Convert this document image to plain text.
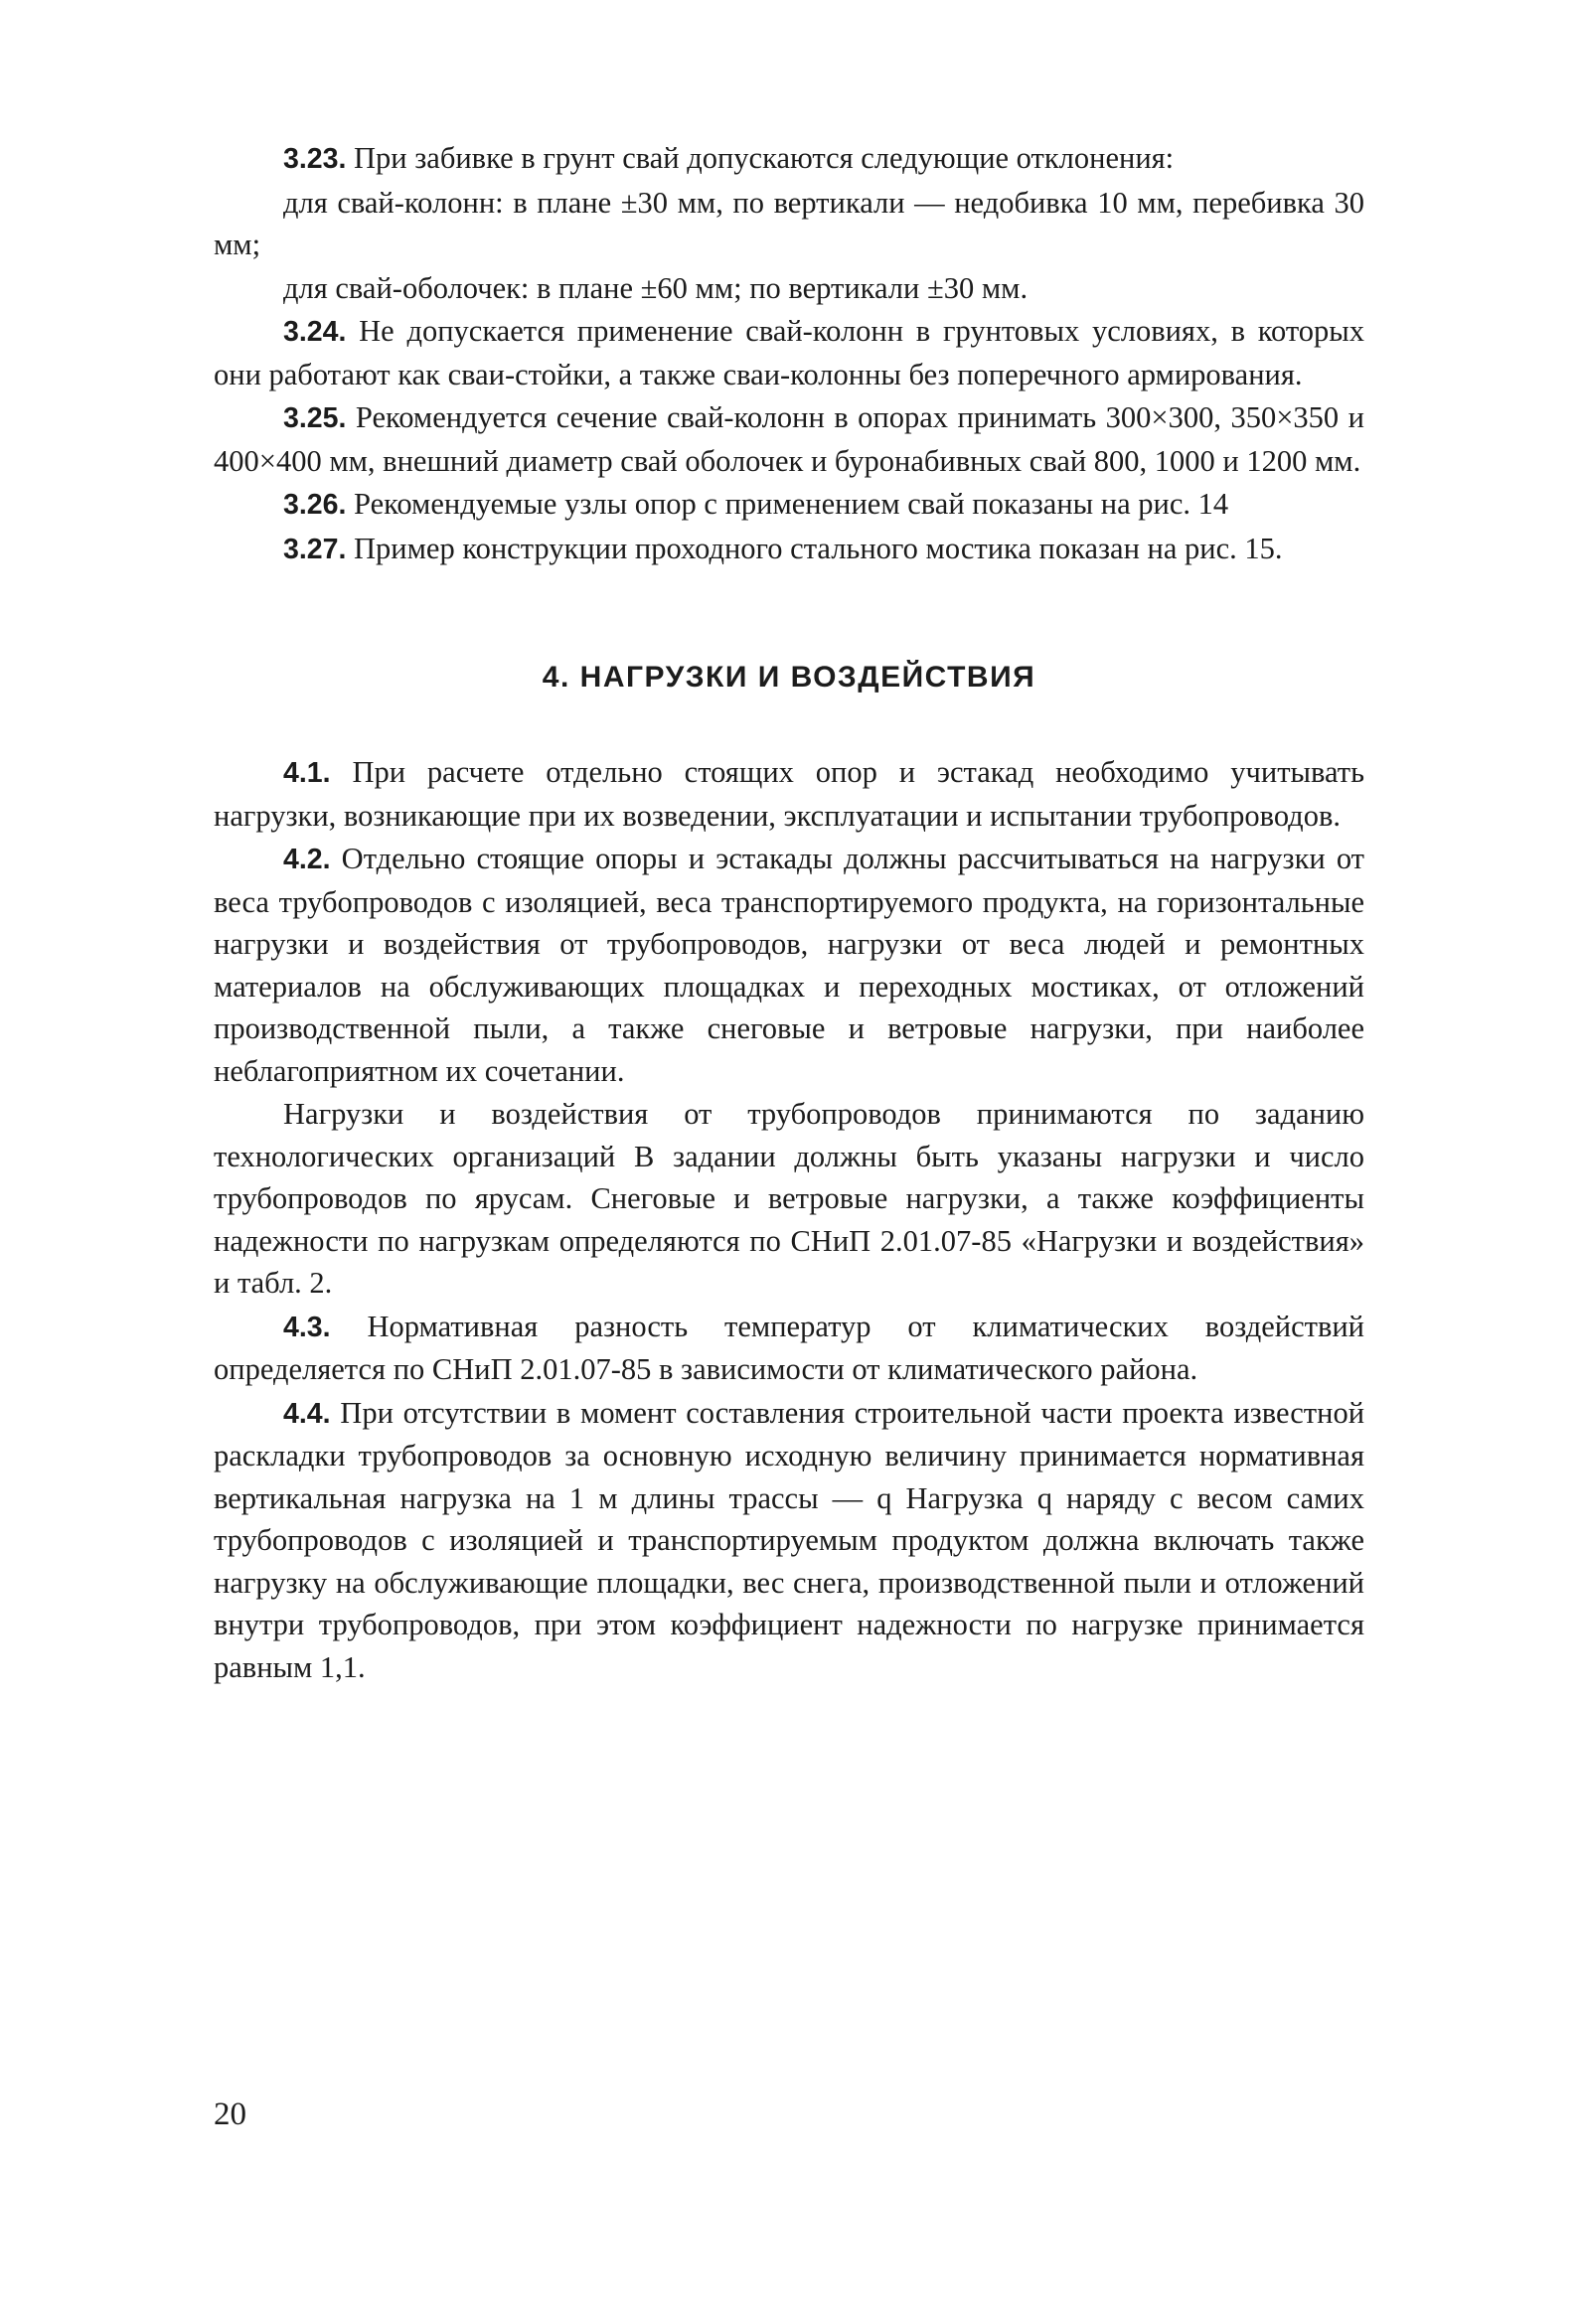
3.23. При забивке в грунт свай допускаются следующие отклонения:

для свай-колонн: в плане ±30 мм, по вертикали — недобивка 10 мм, перебивка 30 мм;

для свай-оболочек: в плане ±60 мм; по вертикали ±30 мм.

3.24. Не допускается применение свай-колонн в грунтовых условиях, в которых они работают как сваи-стойки, а также сваи-колонны без поперечного армирования.

3.25. Рекомендуется сечение свай-колонн в опорах принимать 300×300, 350×350 и 400×400 мм, внешний диаметр свай оболочек и буронабивных свай 800, 1000 и 1200 мм.

3.26. Рекомендуемые узлы опор с применением свай показаны на рис. 14

3.27. Пример конструкции проходного стального мостика показан на рис. 15.

4. НАГРУЗКИ И ВОЗДЕЙСТВИЯ

4.1. При расчете отдельно стоящих опор и эстакад необходимо учитывать нагрузки, возникающие при их возведении, эксплуатации и испытании трубопроводов.

4.2. Отдельно стоящие опоры и эстакады должны рассчитываться на нагрузки от веса трубопроводов с изоляцией, веса транспортируемого продукта, на горизонтальные нагрузки и воздействия от трубопроводов, нагрузки от веса людей и ремонтных материалов на обслуживающих площадках и переходных мостиках, от отложений производственной пыли, а также снеговые и ветровые нагрузки, при наиболее неблагоприятном их сочетании.

Нагрузки и воздействия от трубопроводов принимаются по заданию технологических организаций В задании должны быть указаны нагрузки и число трубопроводов по ярусам. Снеговые и ветровые нагрузки, а также коэффициенты надежности по нагрузкам определяются по СНиП 2.01.07-85 «Нагрузки и воздействия» и табл. 2.

4.3. Нормативная разность температур от климатических воздействий определяется по СНиП 2.01.07-85 в зависимости от климатического района.

4.4. При отсутствии в момент составления строительной части проекта известной раскладки трубопроводов за основную исходную величину принимается нормативная вертикальная нагрузка на 1 м длины трассы — q Нагрузка q наряду с весом самих трубопроводов с изоляцией и транспортируемым продуктом должна включать также нагрузку на обслуживающие площадки, вес снега, производственной пыли и отложений внутри трубопроводов, при этом коэффициент надежности по нагрузке принимается равным 1,1.

20
